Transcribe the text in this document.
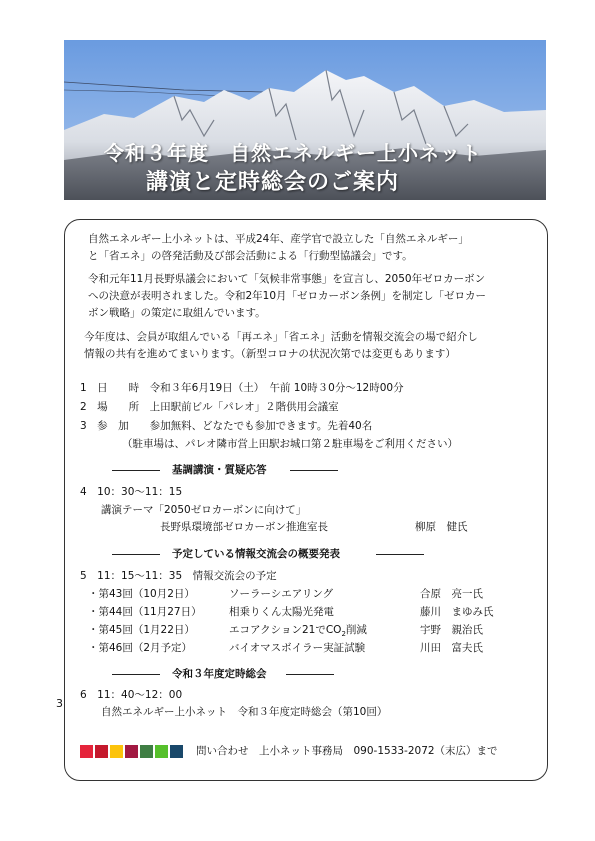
令和３年度　自然エネルギー上小ネット
講演と定時総会のご案内
自然エネルギー上小ネットは、平成24年、産学官で設立した「自然エネルギー」
と「省エネ」の啓発活動及び部会活動による「行動型協議会」です。
令和元年11月長野県議会において「気候非常事態」を宣言し、2050年ゼロカーボン
への決意が表明されました。令和2年10月「ゼロカーボン条例」を制定し「ゼロカー
ボン戦略」の策定に取組んでいます。
今年度は、会員が取組んでいる「再エネ」「省エネ」活動を情報交流会の場で紹介し
情報の共有を進めてまいります。（新型コロナの状況次第では変更もあります）
1　日　　時　令和３年6月19日（土）　午前 10時３0分～12時00分
2　場　　所　上田駅前ビル「パレオ」２階供用会議室
3　参　加　　参加無料、どなたでも参加できます。先着40名
（駐車場は、パレオ隣市営上田駅お城口第２駐車場をご利用ください）
基調講演・質疑応答
4　10：30～11：15
講演テーマ「2050ゼロカーボンに向けて」
長野県環境部ゼロカーボン推進室長	柳原　健氏
予定している情報交流会の概要発表
5　11：15～11：35　情報交流会の予定
・第43回（10月2日）	ソーラーシエアリング	合原　亮一氏
・第44回（11月27日）	相乗りくん太陽光発電	藤川　まゆみ氏
・第45回（1月22日）	エコアクション21で$CO_2$削減	宇野　親治氏
・第46回（2月予定）	バイオマスボイラー実証試験	川田　富夫氏
令和３年度定時総会
6　11：40～12：00
自然エネルギー上小ネット　令和３年度定時総会（第10回）
3
問い合わせ　上小ネット事務局　090-1533-2072（末広）まで
